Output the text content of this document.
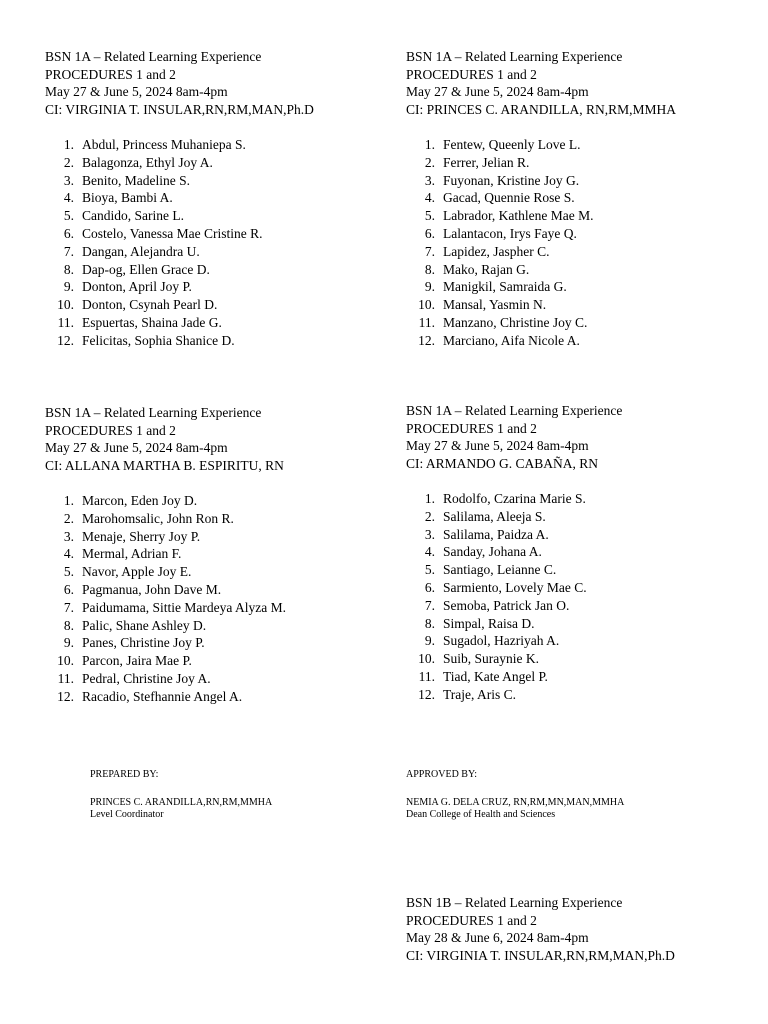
BSN 1A – Related Learning Experience
PROCEDURES 1 and 2
May 27 & June 5, 2024 8am-4pm
CI: VIRGINIA T. INSULAR,RN,RM,MAN,Ph.D
1. Abdul, Princess Muhaniepa S.
2. Balagonza, Ethyl Joy A.
3. Benito, Madeline S.
4. Bioya, Bambi A.
5. Candido, Sarine L.
6. Costelo, Vanessa Mae Cristine R.
7. Dangan, Alejandra U.
8. Dap-og, Ellen Grace D.
9. Donton, April Joy P.
10. Donton, Csynah Pearl D.
11. Espuertas, Shaina Jade G.
12. Felicitas, Sophia Shanice D.
BSN 1A – Related Learning Experience
PROCEDURES 1 and 2
May 27 & June 5, 2024 8am-4pm
CI: PRINCES C. ARANDILLA, RN,RM,MMHA
1. Fentew, Queenly Love L.
2. Ferrer, Jelian R.
3. Fuyonan, Kristine Joy G.
4. Gacad, Quennie Rose S.
5. Labrador, Kathlene Mae M.
6. Lalantacon, Irys Faye Q.
7. Lapidez, Jaspher C.
8. Mako, Rajan G.
9. Manigkil, Samraida G.
10. Mansal, Yasmin N.
11. Manzano, Christine Joy C.
12. Marciano, Aifa Nicole A.
BSN 1A – Related Learning Experience
PROCEDURES 1 and 2
May 27 & June 5, 2024 8am-4pm
CI: ALLANA MARTHA B. ESPIRITU, RN
1. Marcon, Eden Joy D.
2. Marohomsalic, John Ron R.
3. Menaje, Sherry Joy P.
4. Mermal, Adrian F.
5. Navor, Apple Joy E.
6. Pagmanua, John Dave M.
7. Paidumama, Sittie Mardeya Alyza M.
8. Palic, Shane Ashley D.
9. Panes, Christine Joy P.
10. Parcon, Jaira Mae P.
11. Pedral, Christine Joy A.
12. Racadio, Stefhannie Angel A.
BSN 1A – Related Learning Experience
PROCEDURES 1 and 2
May 27 & June 5, 2024 8am-4pm
CI: ARMANDO G. CABAÑA, RN
1. Rodolfo, Czarina Marie S.
2. Salilama, Aleeja S.
3. Salilama, Paidza A.
4. Sanday, Johana A.
5. Santiago, Leianne C.
6. Sarmiento, Lovely Mae C.
7. Semoba, Patrick Jan O.
8. Simpal, Raisa D.
9. Sugadol, Hazriyah A.
10. Suib, Suraynie K.
11. Tiad, Kate Angel P.
12. Traje, Aris C.
PREPARED BY:
PRINCES C. ARANDILLA,RN,RM,MMHA
Level Coordinator
APPROVED BY:
NEMIA G. DELA CRUZ, RN,RM,MN,MAN,MMHA
Dean College of Health and Sciences
BSN 1B – Related Learning Experience
PROCEDURES 1 and 2
May 28 & June 6, 2024 8am-4pm
CI: VIRGINIA T. INSULAR,RN,RM,MAN,Ph.D
